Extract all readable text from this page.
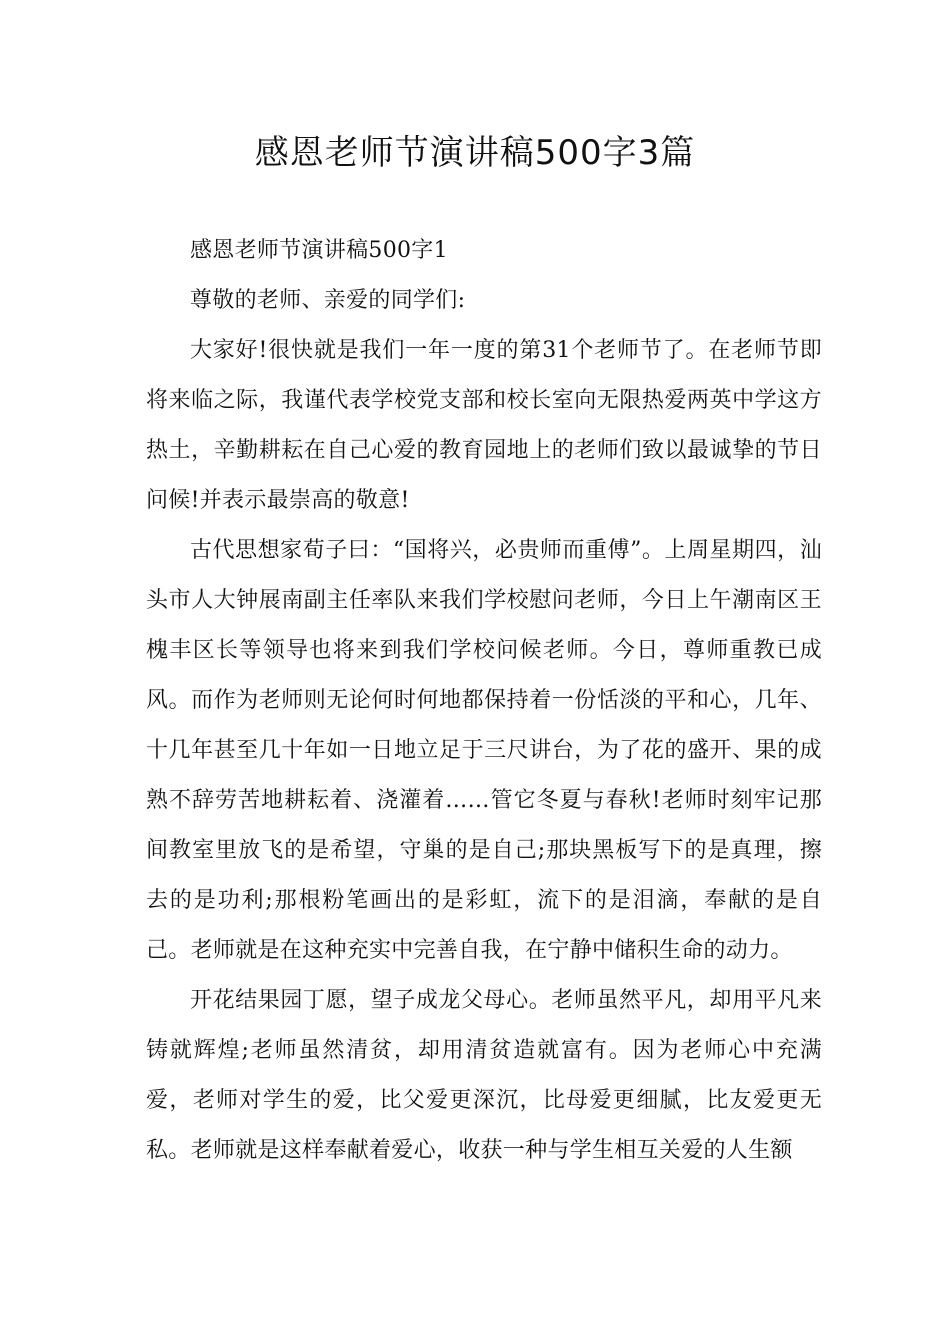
感恩老师节演讲稿500字3篇

感恩老师节演讲稿500字1

尊敬的老师、亲爱的同学们:

大家好!很快就是我们一年一度的第31个老师节了。在老师节即将来临之际，我谨代表学校党支部和校长室向无限热爱两英中学这方热土，辛勤耕耘在自己心爱的教育园地上的老师们致以最诚挚的节日问候!并表示最崇高的敬意!

古代思想家荀子曰：“国将兴，必贵师而重傅”。上周星期四，汕头市人大钟展南副主任率队来我们学校慰问老师，今日上午潮南区王槐丰区长等领导也将来到我们学校问候老师。今日，尊师重教已成风。而作为老师则无论何时何地都保持着一份恬淡的平和心，几年、十几年甚至几十年如一日地立足于三尺讲台，为了花的盛开、果的成熟不辞劳苦地耕耘着、浇灌着……管它冬夏与春秋!老师时刻牢记那间教室里放飞的是希望，守巢的是自己;那块黑板写下的是真理，擦去的是功利;那根粉笔画出的是彩虹，流下的是泪滴，奉献的是自己。老师就是在这种充实中完善自我，在宁静中储积生命的动力。

开花结果园丁愿，望子成龙父母心。老师虽然平凡，却用平凡来铸就辉煌;老师虽然清贫，却用清贫造就富有。因为老师心中充满爱，老师对学生的爱，比父爱更深沉，比母爱更细腻，比友爱更无私。老师就是这样奉献着爱心，收获一种与学生相互关爱的人生额
